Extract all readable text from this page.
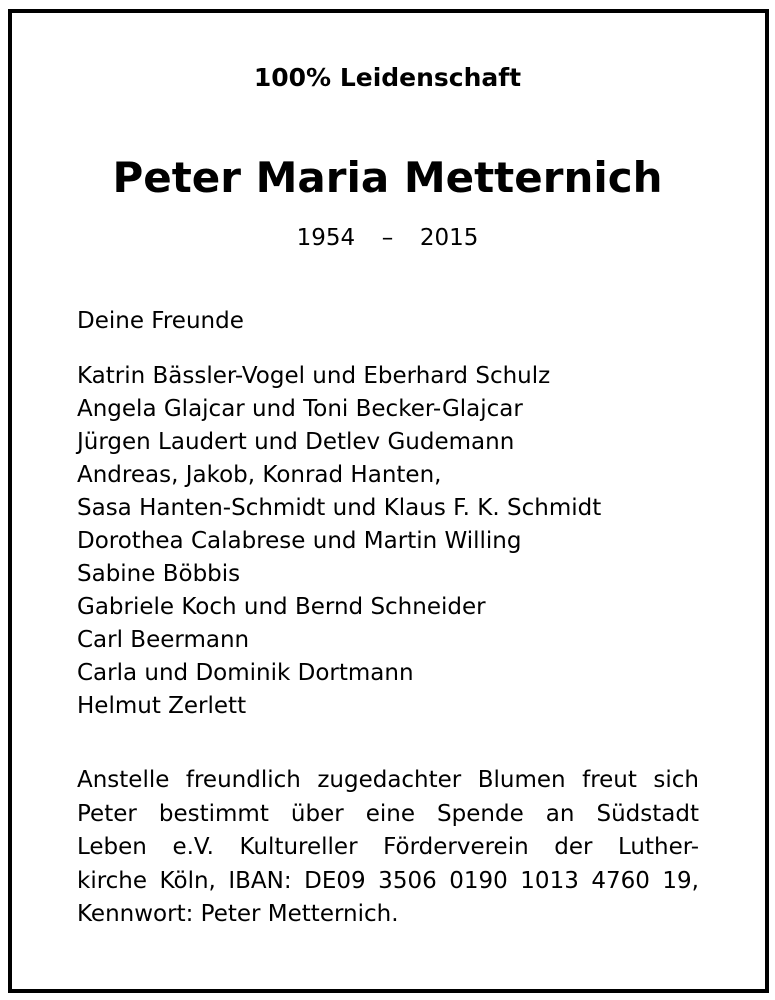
100% Leidenschaft
Peter Maria Metternich
1954  –  2015
Deine Freunde
Katrin Bässler-Vogel und Eberhard Schulz
Angela Glajcar und Toni Becker-Glajcar
Jürgen Laudert und Detlev Gudemann
Andreas, Jakob, Konrad Hanten,
Sasa Hanten-Schmidt und Klaus F. K. Schmidt
Dorothea Calabrese und Martin Willing
Sabine Böbbis
Gabriele Koch und Bernd Schneider
Carl Beermann
Carla und Dominik Dortmann
Helmut Zerlett
Anstelle freundlich zugedachter Blumen freut sich
Peter bestimmt über eine Spende an Südstadt
Leben e.V. Kultureller Förderverein der Luther-
kirche Köln, IBAN: DE09 3506 0190 1013 4760 19,
Kennwort: Peter Metternich.
